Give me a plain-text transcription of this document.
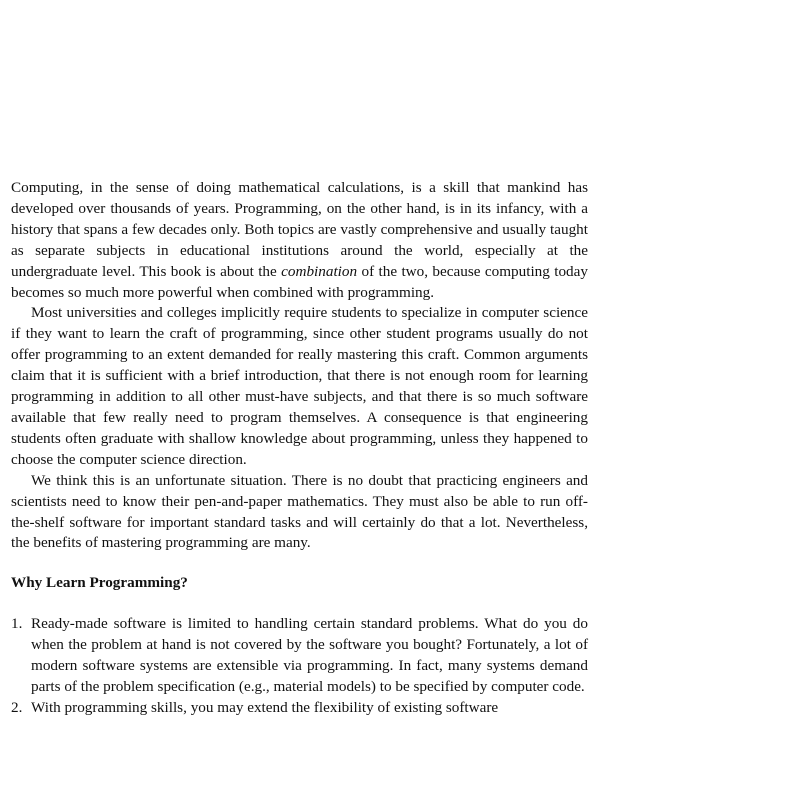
Computing, in the sense of doing mathematical calculations, is a skill that mankind has developed over thousands of years. Programming, on the other hand, is in its infancy, with a history that spans a few decades only. Both topics are vastly comprehensive and usually taught as separate subjects in educational institutions around the world, especially at the undergraduate level. This book is about the combination of the two, because computing today becomes so much more powerful when combined with programming.

Most universities and colleges implicitly require students to specialize in computer science if they want to learn the craft of programming, since other student programs usually do not offer programming to an extent demanded for really mastering this craft. Common arguments claim that it is sufficient with a brief introduction, that there is not enough room for learning programming in addition to all other must-have subjects, and that there is so much software available that few really need to program themselves. A consequence is that engineering students often graduate with shallow knowledge about programming, unless they happened to choose the computer science direction.

We think this is an unfortunate situation. There is no doubt that practicing engineers and scientists need to know their pen-and-paper mathematics. They must also be able to run off-the-shelf software for important standard tasks and will certainly do that a lot. Nevertheless, the benefits of mastering programming are many.

Why Learn Programming?

1. Ready-made software is limited to handling certain standard problems. What do you do when the problem at hand is not covered by the software you bought? Fortunately, a lot of modern software systems are extensible via programming. In fact, many systems demand parts of the problem specification (e.g., material models) to be specified by computer code.
2. With programming skills, you may extend the flexibility of existing software
